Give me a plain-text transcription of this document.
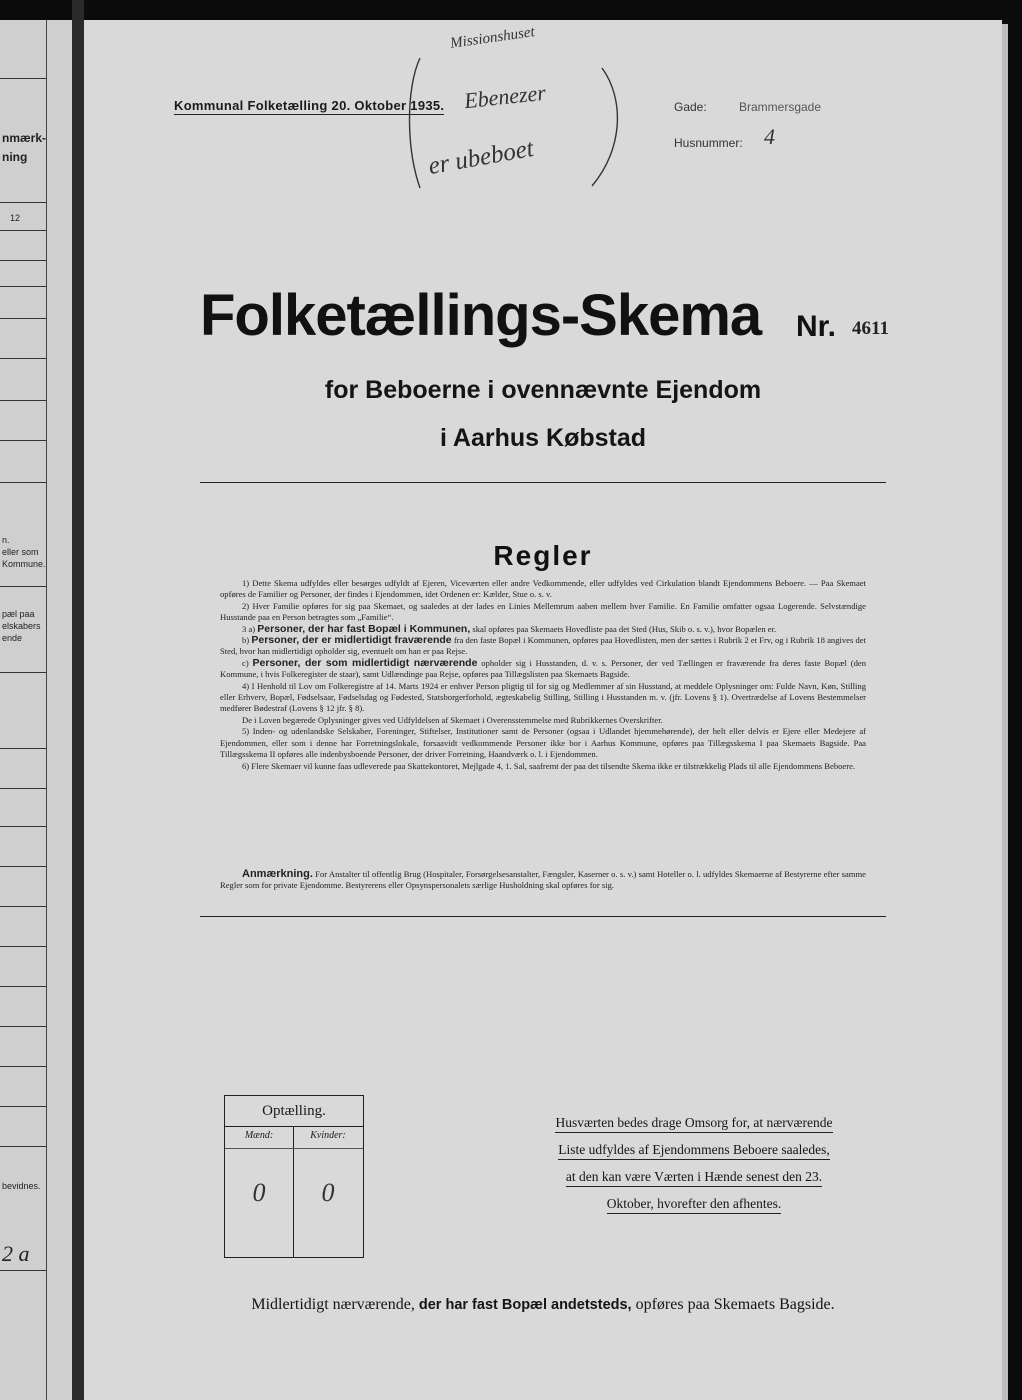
nmærk-
ning
12
n.
eller som
Kommune.
pæl paa
elskabers
ende
bevidnes.
2 a
Kommunal Folketælling 20. Oktober 1935.	Gade:	Brammersgade
Husnummer: 4
Missionshuset
Ebenezer
er ubeboet
Folketællings-Skema Nr. 4611
for Beboerne i ovennævnte Ejendom
i Aarhus Købstad
Regler

1) Dette Skema udfyldes eller besørges udfyldt af Ejeren, Viceværten eller andre Vedkommende, eller udfyldes ved Cirkulation blandt Ejendommens Beboere. — Paa Skemaet opføres de Familier og Personer, der findes i Ejendommen, idet Ordenen er: Kælder, Stue o. s. v.

2) Hver Familie opføres for sig paa Skemaet, og saaledes at der lades en Linies Mellemrum aaben mellem hver Familie. En Familie omfatter ogsaa Logerende. Selvstændige Husstande paa en Person betragtes som „Familie“.

3 a) Personer, der har fast Bopæl i Kommunen, skal opføres paa Skemaets Hovedliste paa det Sted (Hus, Skib o. s. v.), hvor Bopælen er.

b) Personer, der er midlertidigt fraværende fra den faste Bopæl i Kommunen, opføres paa Hovedlisten, men der sættes i Rubrik 2 et Frv, og i Rubrik 18 angives det Sted, hvor han midlertidigt opholder sig, eventuelt om han er paa Rejse.

c) Personer, der som midlertidigt nærværende opholder sig i Husstanden, d. v. s. Personer, der ved Tællingen er fraværende fra deres faste Bopæl (den Kommune, i hvis Folkeregister de staar), samt Udlændinge paa Rejse, opføres paa Tillægslisten paa Skemaets Bagside.

4) I Henhold til Lov om Folkeregistre af 14. Marts 1924 er enhver Person pligtig til for sig og Medlemmer af sin Husstand, at meddele Oplysninger om: Fulde Navn, Køn, Stilling eller Erhverv, Bopæl, Fødselsaar, Fødselsdag og Fødested, Statsborgerforhold, ægteskabelig Stilling, Stilling i Husstanden m. v. (jfr. Lovens § 1). Overtrædelse af Lovens Bestemmelser medfører Bødestraf (Lovens § 12 jfr. § 8).

De i Loven begærede Oplysninger gives ved Udfyldelsen af Skemaet i Overensstemmelse med Rubrikkernes Overskrifter.

5) Inden- og udenlandske Selskaber, Foreninger, Stiftelser, Institutioner samt de Personer (ogsaa i Udlandet hjemmehørende), der helt eller delvis er Ejere eller Medejere af Ejendommen, eller som i denne har Forretningslokale, forsaavidt vedkommende Personer ikke bor i Aarhus Kommune, opføres paa Tillægsskema I paa Skemaets Bagside. Paa Tillægsskema II opføres alle indenbysboende Personer, der driver Forretning, Haandværk o. l. i Ejendommen.

6) Flere Skemaer vil kunne faas udleverede paa Skattekontoret, Mejlgade 4, 1. Sal, saafremt der paa det tilsendte Skema ikke er tilstrækkelig Plads til alle Ejendommens Beboere.

Anmærkning. For Anstalter til offentlig Brug (Hospitaler, Forsørgelsesanstalter, Fængsler, Kaserner o. s. v.) samt Hoteller o. l. udfyldes Skemaerne af Bestyrerne efter samme Regler som for private Ejendomme. Bestyrerens eller Opsynspersonalets særlige Husholdning skal opføres for sig.

Optælling.
Mænd:	Kvinder:
0	0
Husværten bedes drage Omsorg for, at nærværende
Liste udfyldes af Ejendommens Beboere saaledes,
at den kan være Værten i Hænde senest den 23.
Oktober, hvorefter den afhentes.
Midlertidigt nærværende, der har fast Bopæl andetsteds, opføres paa Skemaets Bagside.
